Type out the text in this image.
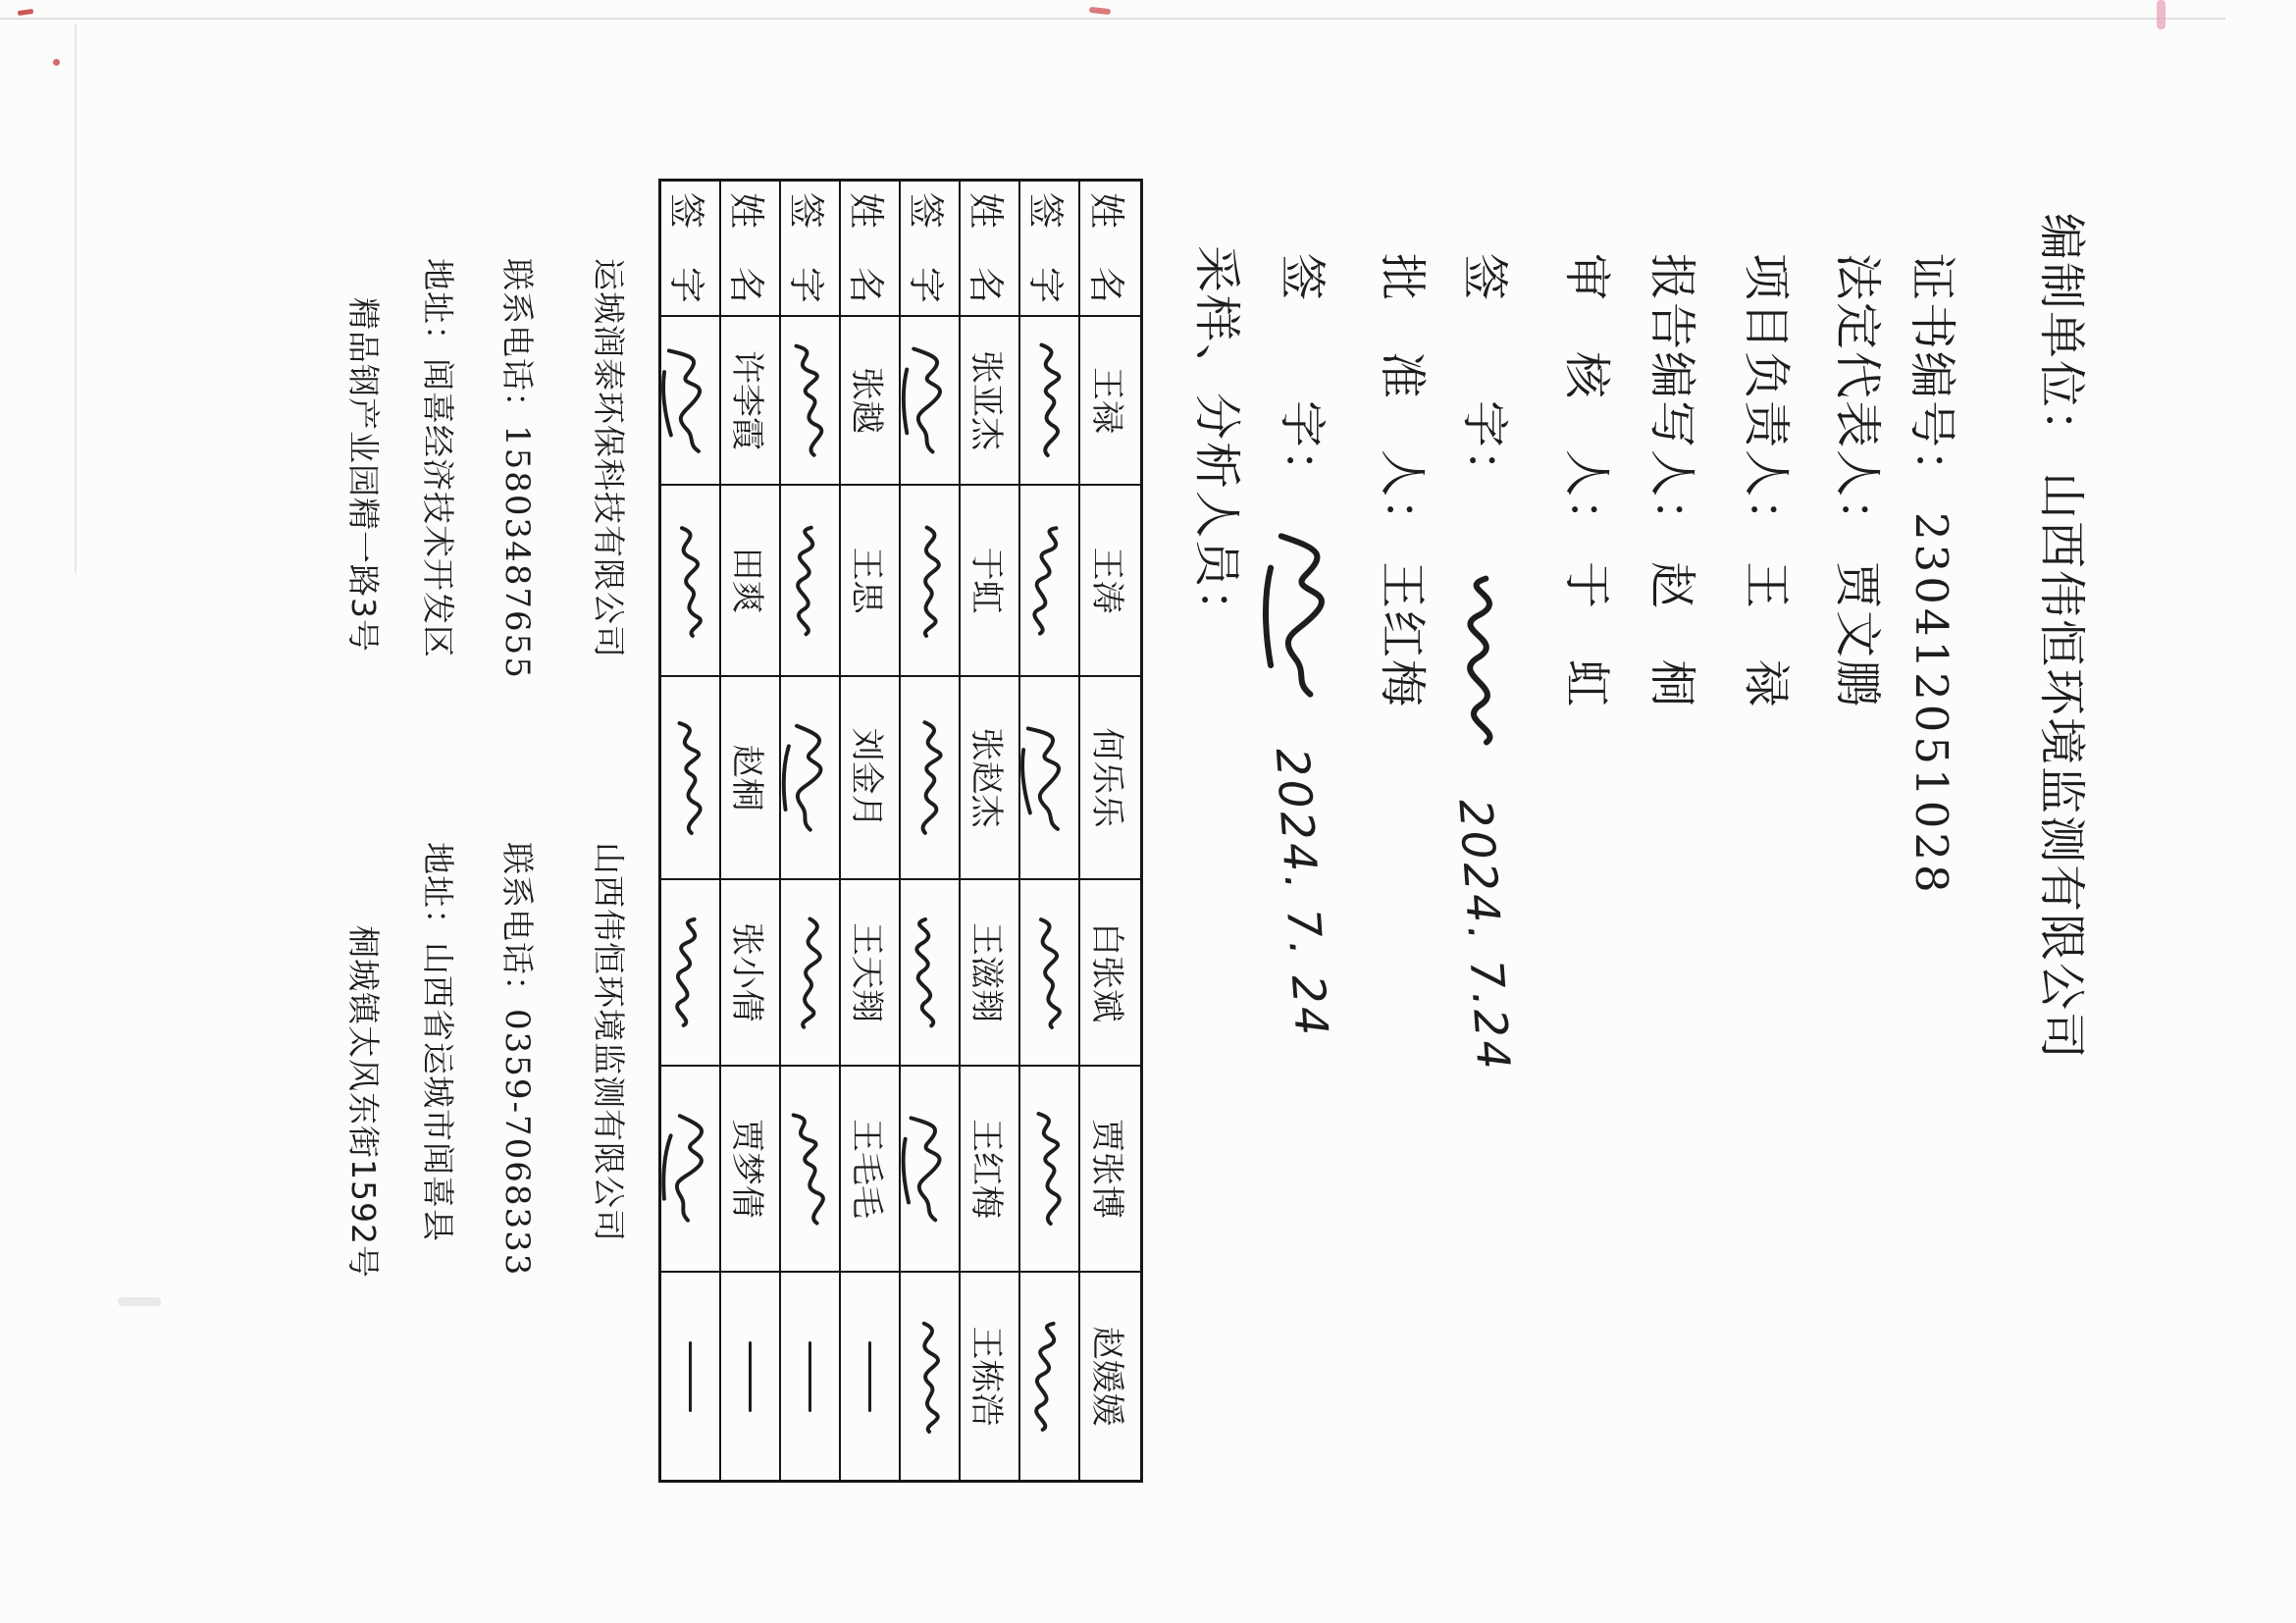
编制单位：山西伟恒环境监测有限公司
证书编号：230412051028
法定代表人：贾文鹏
项目负责人：王　禄
报告编写人：赵　桐
审　核　人：于　虹
签　　字：2024. 7.24
批　准　人：王红梅
签　　字：2024. 7. 24
采样、分析人员：
姓　名
王禄
王涛
何乐乐
白张斌
贾张博
赵媛媛
签　字
姓　名
张亚杰
于虹
张赵杰
王滋翔
王红梅
王栋浩
签　字
姓　名
张越
王思
刘金月
王天翔
王毛毛
签　字
姓　名
许李霞
田爽
赵桐
张小倩
贾梦倩
签　字
运城润泰环保科技有限公司
联系电话：15803487655
地址：闻喜经济技术开发区
精品钢产业园精一路3号
山西伟恒环境监测有限公司
联系电话：0359-7068333
地址：山西省运城市闻喜县
桐城镇太风东街1592号
